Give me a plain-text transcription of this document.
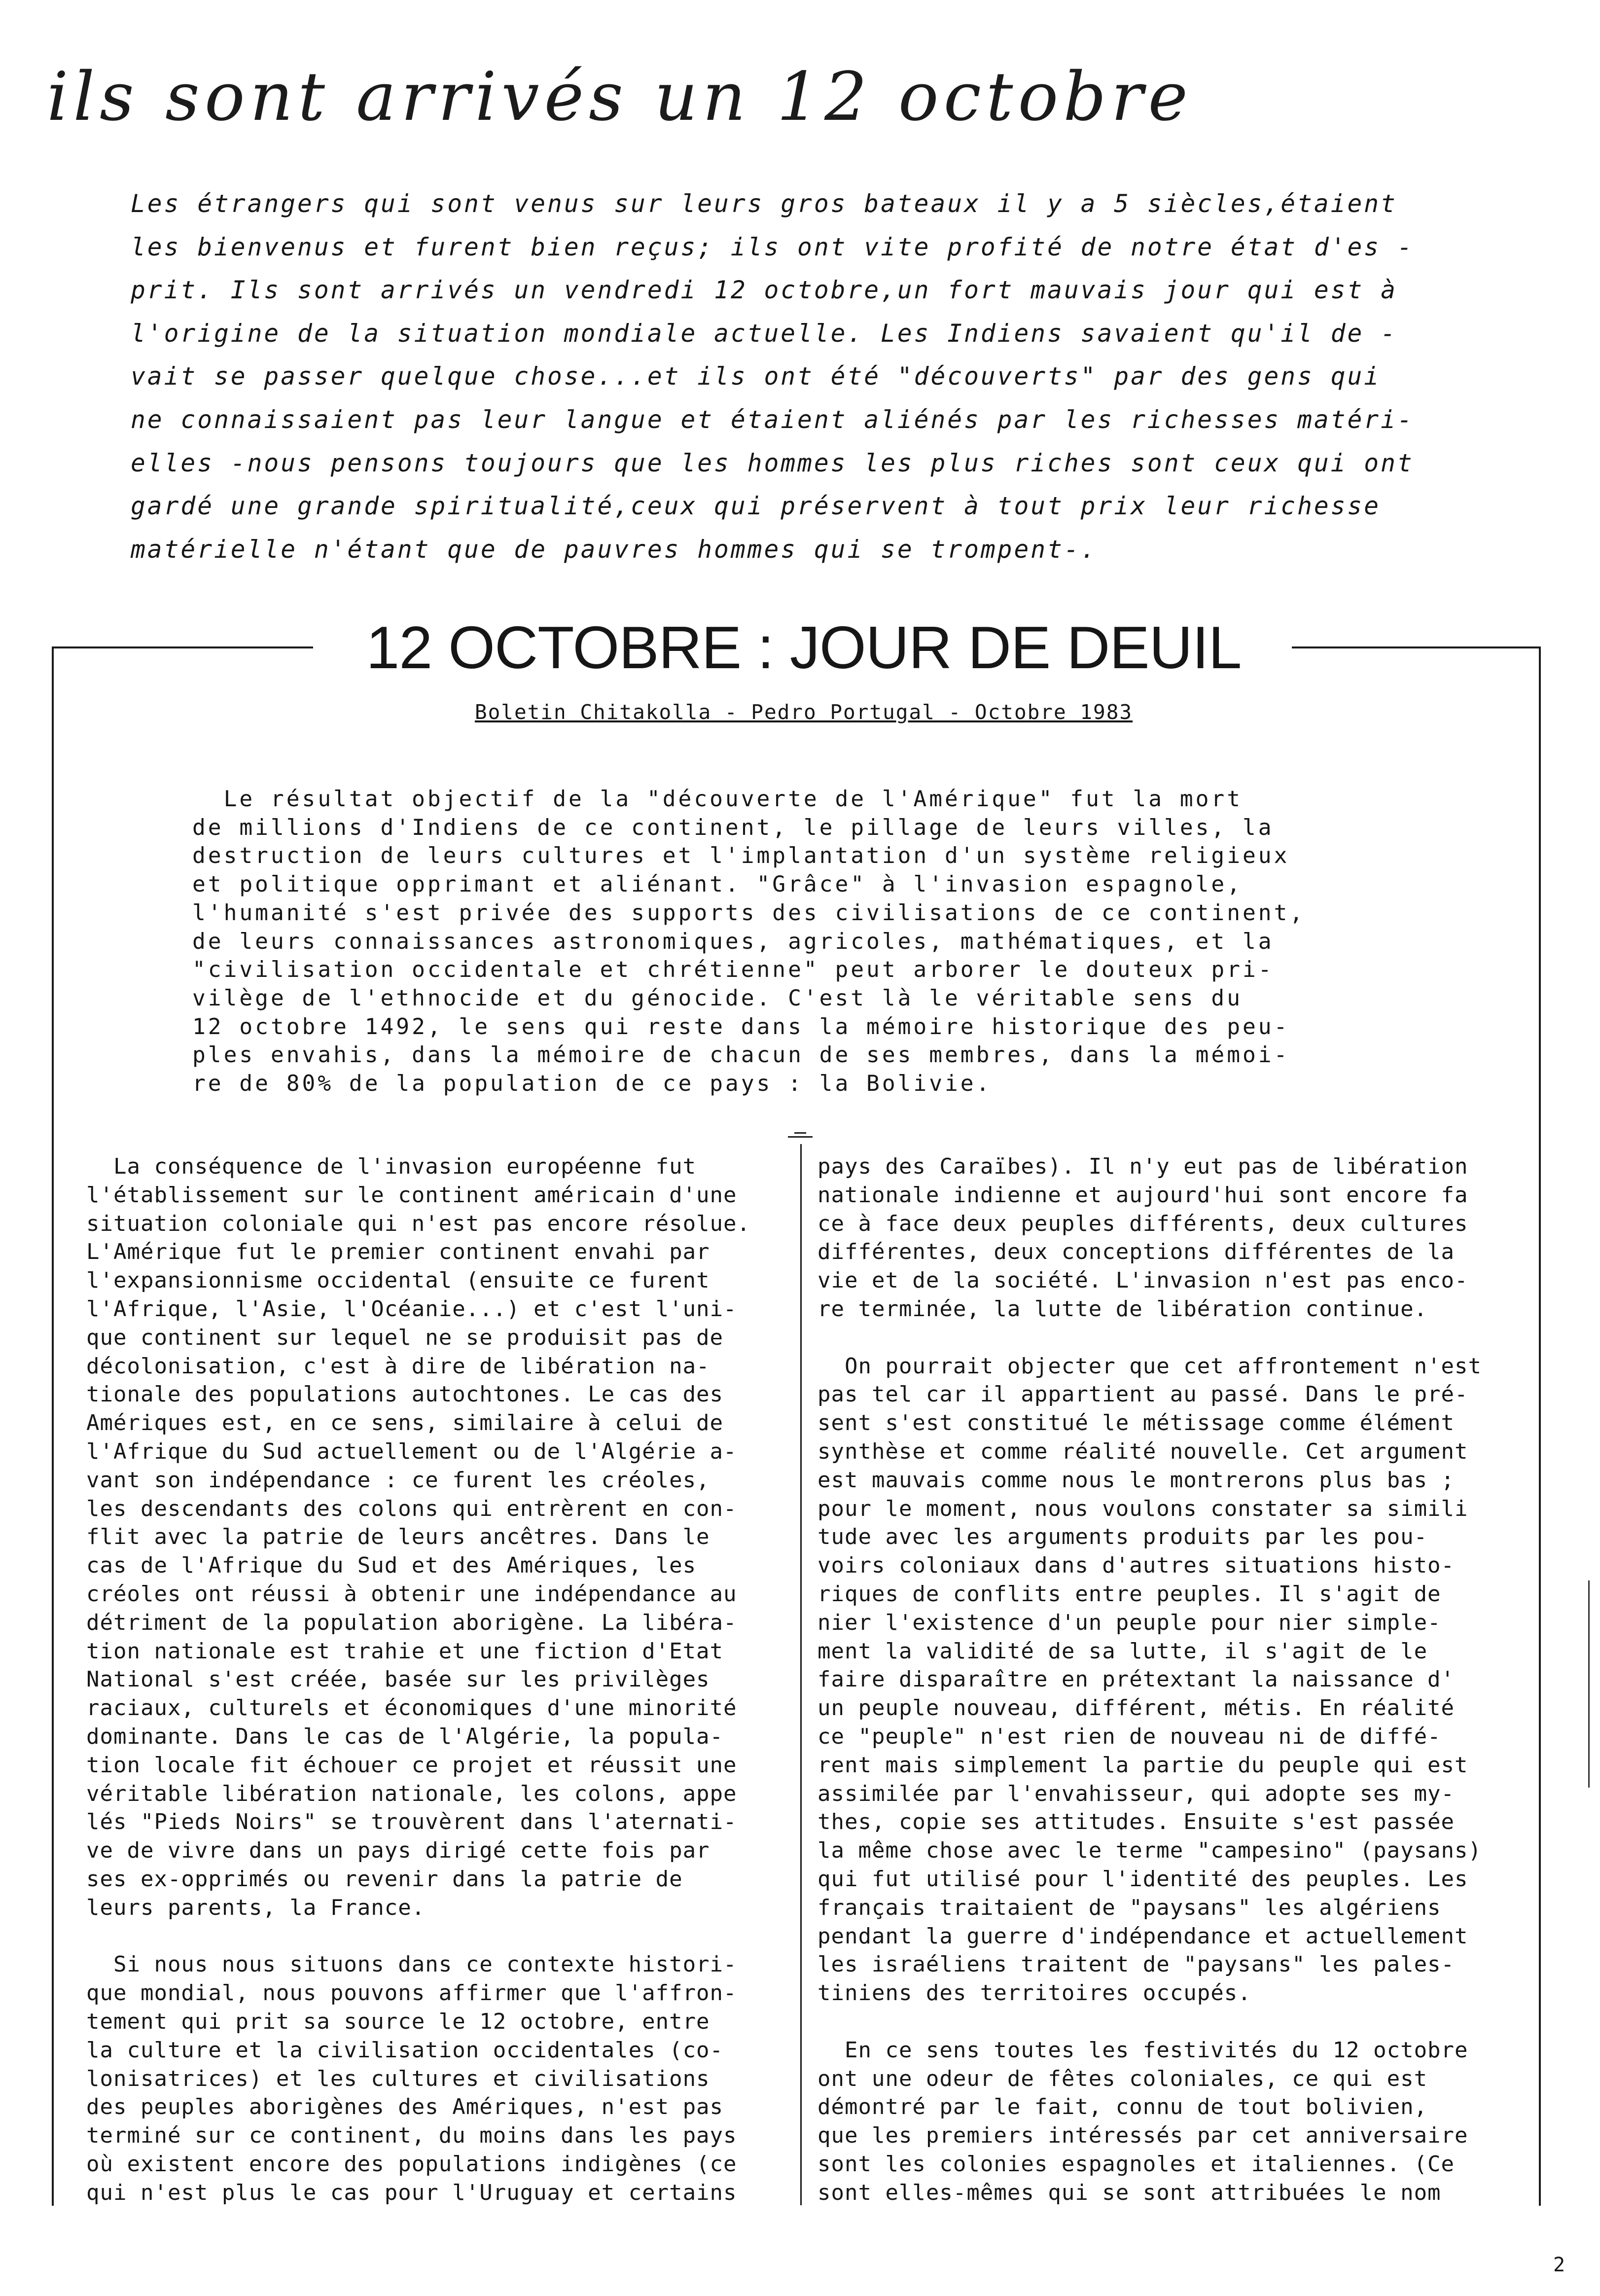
ils sont arrivés un 12 octobre
Les étrangers qui sont venus sur leurs gros bateaux il y a 5 siècles,étaient
les bienvenus et furent bien reçus; ils ont vite profité de notre état d'es -
prit. Ils sont arrivés un vendredi 12 octobre,un fort mauvais jour qui est à
l'origine de la situation mondiale actuelle. Les Indiens savaient qu'il de -
vait se passer quelque chose...et ils ont été "découverts" par des gens qui
ne connaissaient pas leur langue et étaient aliénés par les richesses matéri-
elles -nous pensons toujours que les hommes les plus riches sont ceux qui ont
gardé une grande spiritualité,ceux qui préservent à tout prix leur richesse
matérielle n'étant que de pauvres hommes qui se trompent-.
12 OCTOBRE : JOUR DE DEUIL
Boletin Chitakolla - Pedro Portugal - Octobre 1983
Le résultat objectif de la "découverte de l'Amérique" fut la mort
de millions d'Indiens de ce continent, le pillage de leurs villes, la
destruction de leurs cultures et l'implantation d'un système religieux
et politique opprimant et aliénant. "Grâce" à l'invasion espagnole,
l'humanité s'est privée des supports des civilisations de ce continent,
de leurs connaissances astronomiques, agricoles, mathématiques, et la
"civilisation occidentale et chrétienne" peut arborer le douteux pri-
vilège de l'ethnocide et du génocide. C'est là le véritable sens du
12 octobre 1492, le sens qui reste dans la mémoire historique des peu-
ples envahis, dans la mémoire de chacun de ses membres, dans la mémoi-
re de 80% de la population de ce pays : la Bolivie.
La conséquence de l'invasion européenne fut
l'établissement sur le continent américain d'une
situation coloniale qui n'est pas encore résolue.
L'Amérique fut le premier continent envahi par
l'expansionnisme occidental (ensuite ce furent
l'Afrique, l'Asie, l'Océanie...) et c'est l'uni-
que continent sur lequel ne se produisit pas de
décolonisation, c'est à dire de libération na-
tionale des populations autochtones. Le cas des
Amériques est, en ce sens, similaire à celui de
l'Afrique du Sud actuellement ou de l'Algérie a-
vant son indépendance : ce furent les créoles,
les descendants des colons qui entrèrent en con-
flit avec la patrie de leurs ancêtres. Dans le
cas de l'Afrique du Sud et des Amériques, les
créoles ont réussi à obtenir une indépendance au
détriment de la population aborigène. La libéra-
tion nationale est trahie et une fiction d'Etat
National s'est créée, basée sur les privilèges
raciaux, culturels et économiques d'une minorité
dominante. Dans le cas de l'Algérie, la popula-
tion locale fit échouer ce projet et réussit une
véritable libération nationale, les colons, appe
lés "Pieds Noirs" se trouvèrent dans l'aternati-
ve de vivre dans un pays dirigé cette fois par
ses ex-opprimés ou revenir dans la patrie de
leurs parents, la France.
Si nous nous situons dans ce contexte histori-
que mondial, nous pouvons affirmer que l'affron-
tement qui prit sa source le 12 octobre, entre
la culture et la civilisation occidentales (co-
lonisatrices) et les cultures et civilisations
des peuples aborigènes des Amériques, n'est pas
terminé sur ce continent, du moins dans les pays
où existent encore des populations indigènes (ce
qui n'est plus le cas pour l'Uruguay et certains
pays des Caraïbes). Il n'y eut pas de libération
nationale indienne et aujourd'hui sont encore fa
ce à face deux peuples différents, deux cultures
différentes, deux conceptions différentes de la
vie et de la société. L'invasion n'est pas enco-
re terminée, la lutte de libération continue.
On pourrait objecter que cet affrontement n'est
pas tel car il appartient au passé. Dans le pré-
sent s'est constitué le métissage comme élément
synthèse et comme réalité nouvelle. Cet argument
est mauvais comme nous le montrerons plus bas ;
pour le moment, nous voulons constater sa simili
tude avec les arguments produits par les pou-
voirs coloniaux dans d'autres situations histo-
riques de conflits entre peuples. Il s'agit de
nier l'existence d'un peuple pour nier simple-
ment la validité de sa lutte, il s'agit de le
faire disparaître en prétextant la naissance d'
un peuple nouveau, différent, métis. En réalité
ce "peuple" n'est rien de nouveau ni de diffé-
rent mais simplement la partie du peuple qui est
assimilée par l'envahisseur, qui adopte ses my-
thes, copie ses attitudes. Ensuite s'est passée
la même chose avec le terme "campesino" (paysans)
qui fut utilisé pour l'identité des peuples. Les
français traitaient de "paysans" les algériens
pendant la guerre d'indépendance et actuellement
les israéliens traitent de "paysans" les pales-
tiniens des territoires occupés.
En ce sens toutes les festivités du 12 octobre
ont une odeur de fêtes coloniales, ce qui est
démontré par le fait, connu de tout bolivien,
que les premiers intéressés par cet anniversaire
sont les colonies espagnoles et italiennes. (Ce
sont elles-mêmes qui se sont attribuées le nom
2
